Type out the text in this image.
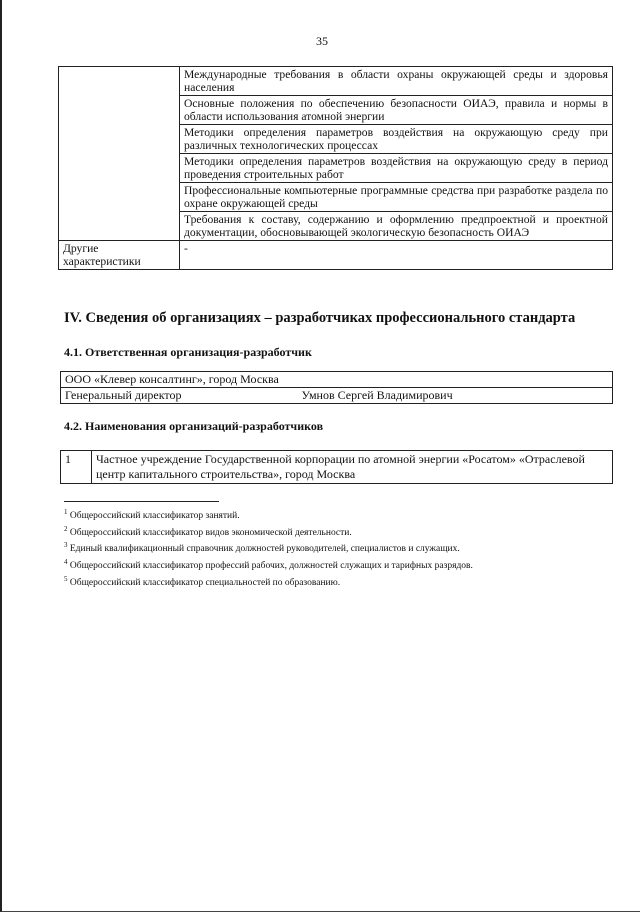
35
	Международные требования в области охраны окружающей среды и здоровья населения
	Основные положения по обеспечению безопасности ОИАЭ, правила и нормы в области использования атомной энергии
	Методики определения параметров воздействия на окружающую среду при различных технологических процессах
	Методики определения параметров воздействия на окружающую среду в период проведения строительных работ
	Профессиональные компьютерные программные средства при разработке раздела по охране окружающей среды
	Требования к составу, содержанию и оформлению предпроектной и проектной документации, обосновывающей экологическую безопасность ОИАЭ
Другие характеристики	-
IV. Сведения об организациях – разработчиках профессионального стандарта
4.1. Ответственная организация-разработчик
ООО «Клевер консалтинг», город Москва
Генеральный директор	Умнов Сергей Владимирович
4.2. Наименования организаций-разработчиков
1	Частное учреждение Государственной корпорации по атомной энергии «Росатом» «Отраслевой центр капитального строительства», город Москва
$^1$ Общероссийский классификатор занятий.
$^2$ Общероссийский классификатор видов экономической деятельности.
$^3$ Единый квалификационный справочник должностей руководителей, специалистов и служащих.
$^4$ Общероссийский классификатор профессий рабочих, должностей служащих и тарифных разрядов.
$^5$ Общероссийский классификатор специальностей по образованию.
